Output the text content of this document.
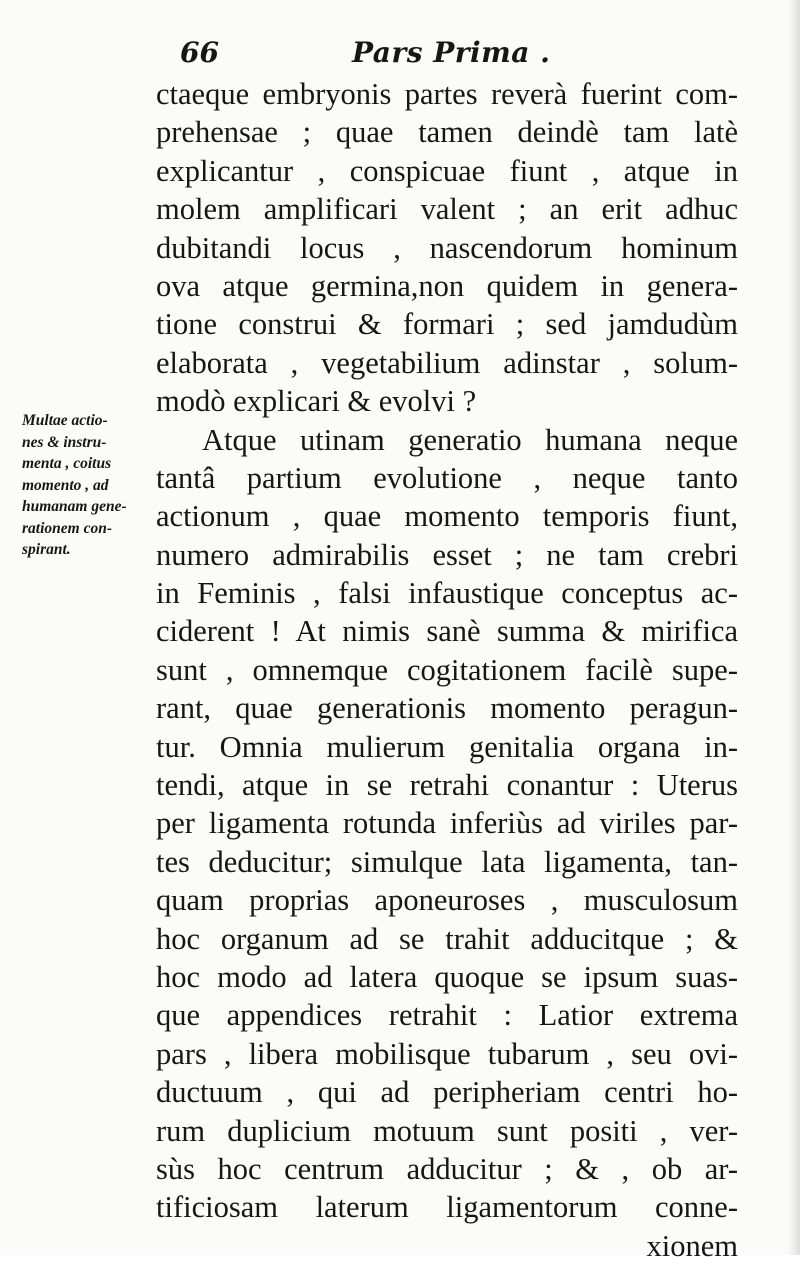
66	Pars Prima .
Multae actio-
nes & instru-
menta , coitus
momento , ad
humanam gene-
rationem con-
spirant.
ctaeque embryonis partes reverà fuerint com-
prehensae ; quae tamen deindè tam latè
explicantur , conspicuae fiunt , atque in
molem amplificari valent ; an erit adhuc
dubitandi locus , nascendorum hominum
ova atque germina,non quidem in genera-
tione construi & formari ; sed jamdudùm
elaborata , vegetabilium adinstar , solum-
modò explicari & evolvi ?
Atque utinam generatio humana neque
tantâ partium evolutione , neque tanto
actionum , quae momento temporis fiunt,
numero admirabilis esset ; ne tam crebri
in Feminis , falsi infaustique conceptus ac-
ciderent ! At nimis sanè summa & mirifica
sunt , omnemque cogitationem facilè supe-
rant, quae generationis momento peragun-
tur. Omnia mulierum genitalia organa in-
tendi, atque in se retrahi conantur : Uterus
per ligamenta rotunda inferiùs ad viriles par-
tes deducitur; simulque lata ligamenta, tan-
quam proprias aponeuroses , musculosum
hoc organum ad se trahit adducitque ; &
hoc modo ad latera quoque se ipsum suas-
que appendices retrahit : Latior extrema
pars , libera mobilisque tubarum , seu ovi-
ductuum , qui ad peripheriam centri ho-
rum duplicium motuum sunt positi , ver-
sùs hoc centrum adducitur ; & , ob ar-
tificiosam laterum ligamentorum conne-
xionem
